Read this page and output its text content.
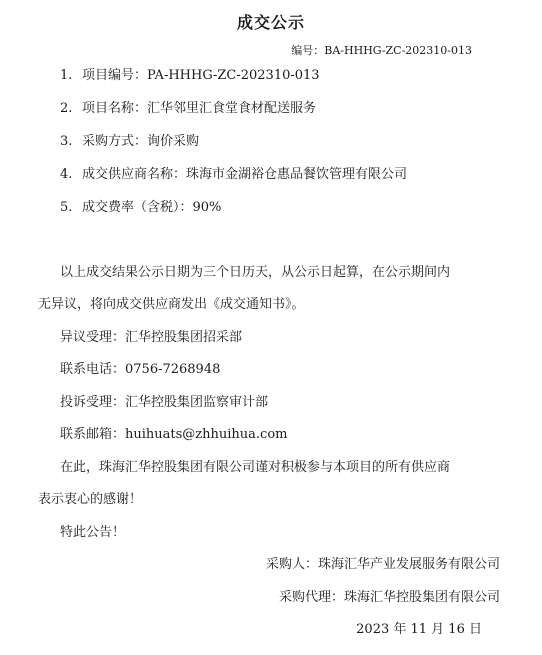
成交公示
编号：BA-HHHG-ZC-202310-013
1. 项目编号：PA-HHHG-ZC-202310-013
2. 项目名称：汇华邻里汇食堂食材配送服务
3. 采购方式：询价采购
4. 成交供应商名称：珠海市金湖裕仓惠品餐饮管理有限公司
5. 成交费率（含税）：90%
以上成交结果公示日期为三个日历天，从公示日起算，在公示期间内
无异议，将向成交供应商发出《成交通知书》。
异议受理：汇华控股集团招采部
联系电话：0756-7268948
投诉受理：汇华控股集团监察审计部
联系邮箱：huihuats@zhhuihua.com
在此，珠海汇华控股集团有限公司谨对积极参与本项目的所有供应商
表示衷心的感谢！
特此公告！
采购人：珠海汇华产业发展服务有限公司
采购代理：珠海汇华控股集团有限公司
2023 年 11 月 16 日
